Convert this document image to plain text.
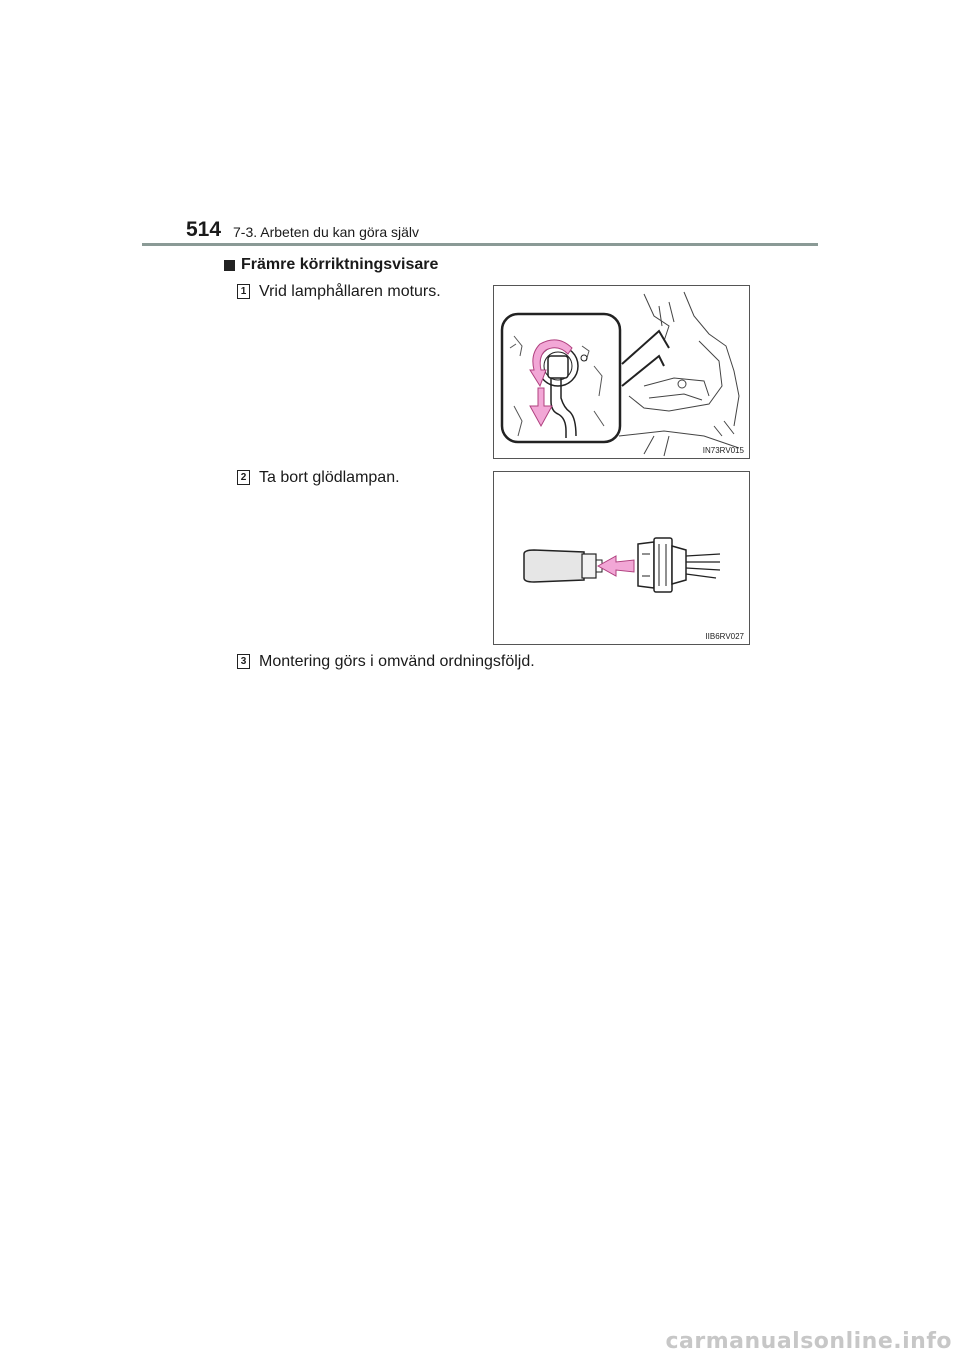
514 7-3. Arbeten du kan göra själv
Främre körriktningsvisare
1 Vrid lamphållaren moturs.
IN73RV015
2 Ta bort glödlampan.
IIB6RV027
3 Montering görs i omvänd ordningsföljd.
carmanualsonline.info
